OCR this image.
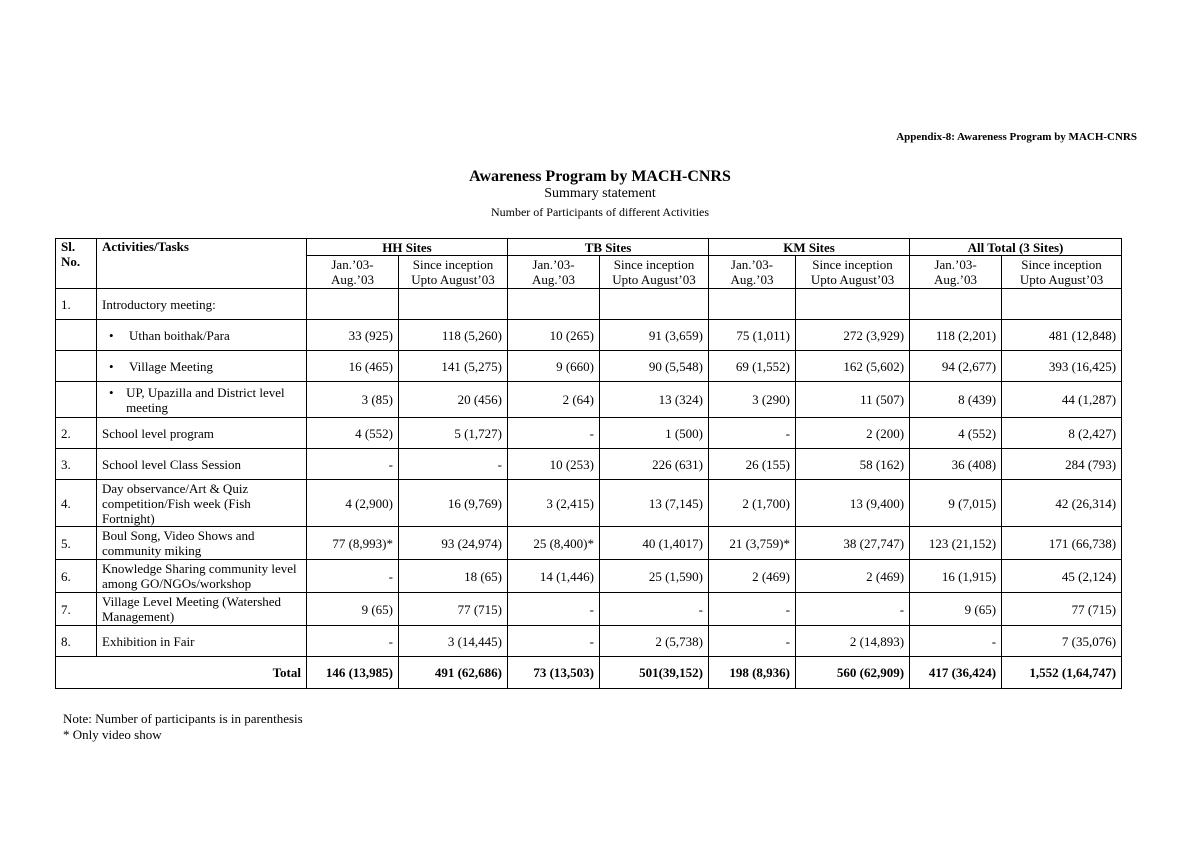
Appendix-8: Awareness Program by MACH-CNRS
Awareness Program by MACH-CNRS
Summary statement
Number of Participants of different Activities
Sl. No.	Activities/Tasks	HH Sites		TB Sites		KM Sites		All Total (3 Sites)	
		Jan.’03- Aug.’03	Since inception Upto August’03	Jan.’03- Aug.’03	Since inception Upto August’03	Jan.’03- Aug.’03	Since inception Upto August’03	Jan.’03- Aug.’03	Since inception Upto August’03
1.	Introductory meeting:								

	• Uthan boithak/Para	33 (925)	118 (5,260)	10 (265)	91 (3,659)	75 (1,011)	272 (3,929)	118 (2,201)	481 (12,848)

	• Village Meeting	16 (465)	141 (5,275)	9 (660)	90 (5,548)	69 (1,552)	162 (5,602)	94 (2,677)	393 (16,425)

	• UP, Upazilla and District level meeting	3 (85)	20 (456)	2 (64)	13 (324)	3 (290)	11 (507)	8 (439)	44 (1,287)
2.	School level program	4 (552)	5 (1,727)	-	1 (500)	-	2 (200)	4 (552)	8 (2,427)
3.	School level Class Session	-	-	10 (253)	226 (631)	26 (155)	58 (162)	36 (408)	284 (793)
4.	Day observance/Art & Quiz competition/Fish week (Fish Fortnight)	4 (2,900)	16 (9,769)	3 (2,415)	13 (7,145)	2 (1,700)	13 (9,400)	9 (7,015)	42 (26,314)
5.	Boul Song, Video Shows and community miking	77 (8,993)*	93 (24,974)	25 (8,400)*	40 (1,4017)	21 (3,759)*	38 (27,747)	123 (21,152)	171 (66,738)
6.	Knowledge Sharing community level among GO/NGOs/workshop	-	18 (65)	14 (1,446)	25 (1,590)	2 (469)	2 (469)	16 (1,915)	45 (2,124)
7.	Village Level Meeting (Watershed Management)	9 (65)	77 (715)	-	-	-	-	9 (65)	77 (715)
8.	Exhibition in Fair	-	3 (14,445)	-	2 (5,738)	-	2 (14,893)	-	7 (35,076)
Total		146 (13,985)	491 (62,686)	73 (13,503)	501(39,152)	198 (8,936)	560 (62,909)	417 (36,424)	1,552 (1,64,747)
Note: Number of participants is in parenthesis
* Only video show
